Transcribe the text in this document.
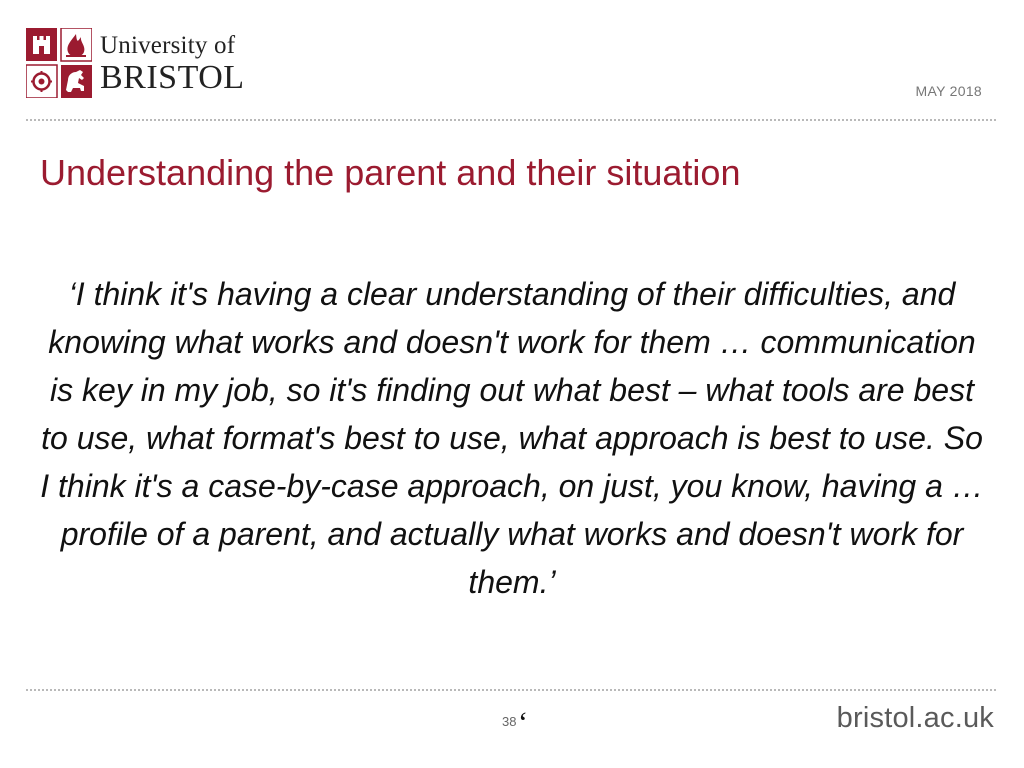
University of
BRISTOL	MAY 2018
Understanding the parent and their situation

‘I think it's having a clear understanding of their difficulties, and knowing what works and doesn't work for them … communication is key in my job, so it's finding out what best – what tools are best to use, what format's best to use, what approach is best to use. So I think it's a case-by-case approach, on just, you know, having a … profile of a parent, and actually what works and doesn't work for them.’

38 ‘	bristol.ac.uk
